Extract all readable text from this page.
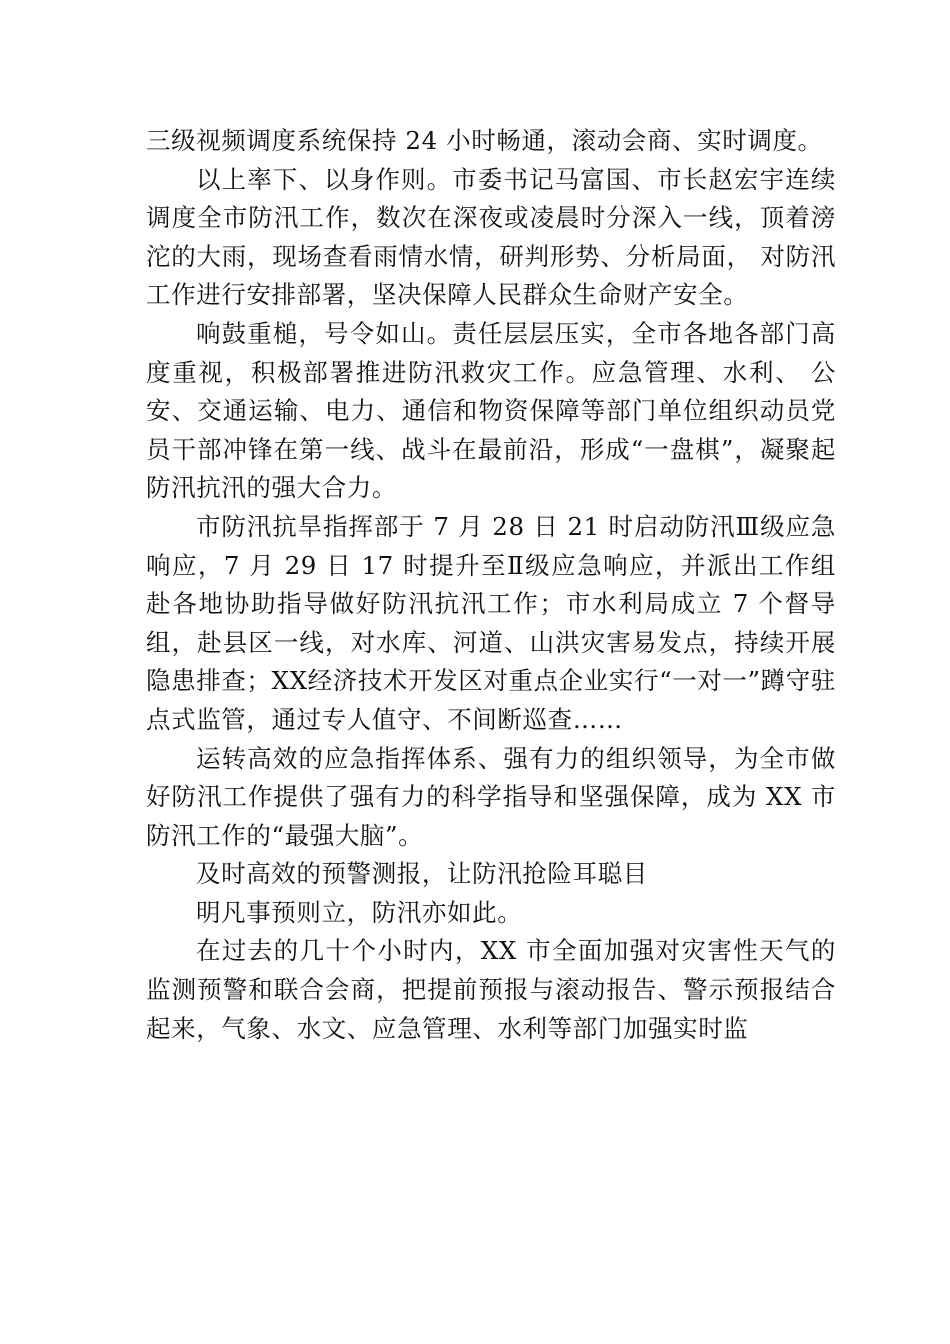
三级视频调度系统保持 24 小时畅通，滚动会商、实时调度。

以上率下、以身作则。市委书记马富国、市长赵宏宇连续调度全市防汛工作，数次在深夜或凌晨时分深入一线，顶着滂沱的大雨，现场查看雨情水情，研判形势、分析局面， 对防汛工作进行安排部署，坚决保障人民群众生命财产安全。

响鼓重槌，号令如山。责任层层压实，全市各地各部门高度重视，积极部署推进防汛救灾工作。应急管理、水利、 公安、交通运输、电力、通信和物资保障等部门单位组织动员党员干部冲锋在第一线、战斗在最前沿，形成“一盘棋”，凝聚起防汛抗汛的强大合力。

市防汛抗旱指挥部于 7 月 28 日 21 时启动防汛Ⅲ级应急响应，7 月 29 日 17 时提升至Ⅱ级应急响应，并派出工作组赴各地协助指导做好防汛抗汛工作；市水利局成立 7 个督导组，赴县区一线，对水库、河道、山洪灾害易发点，持续开展隐患排查；XX经济技术开发区对重点企业实行“一对一”蹲守驻点式监管，通过专人值守、不间断巡查……

运转高效的应急指挥体系、强有力的组织领导，为全市做好防汛工作提供了强有力的科学指导和坚强保障，成为 XX 市防汛工作的“最强大脑”。

及时高效的预警测报，让防汛抢险耳聪目

明凡事预则立，防汛亦如此。

在过去的几十个小时内，XX 市全面加强对灾害性天气的监测预警和联合会商，把提前预报与滚动报告、警示预报结合起来，气象、水文、应急管理、水利等部门加强实时监
